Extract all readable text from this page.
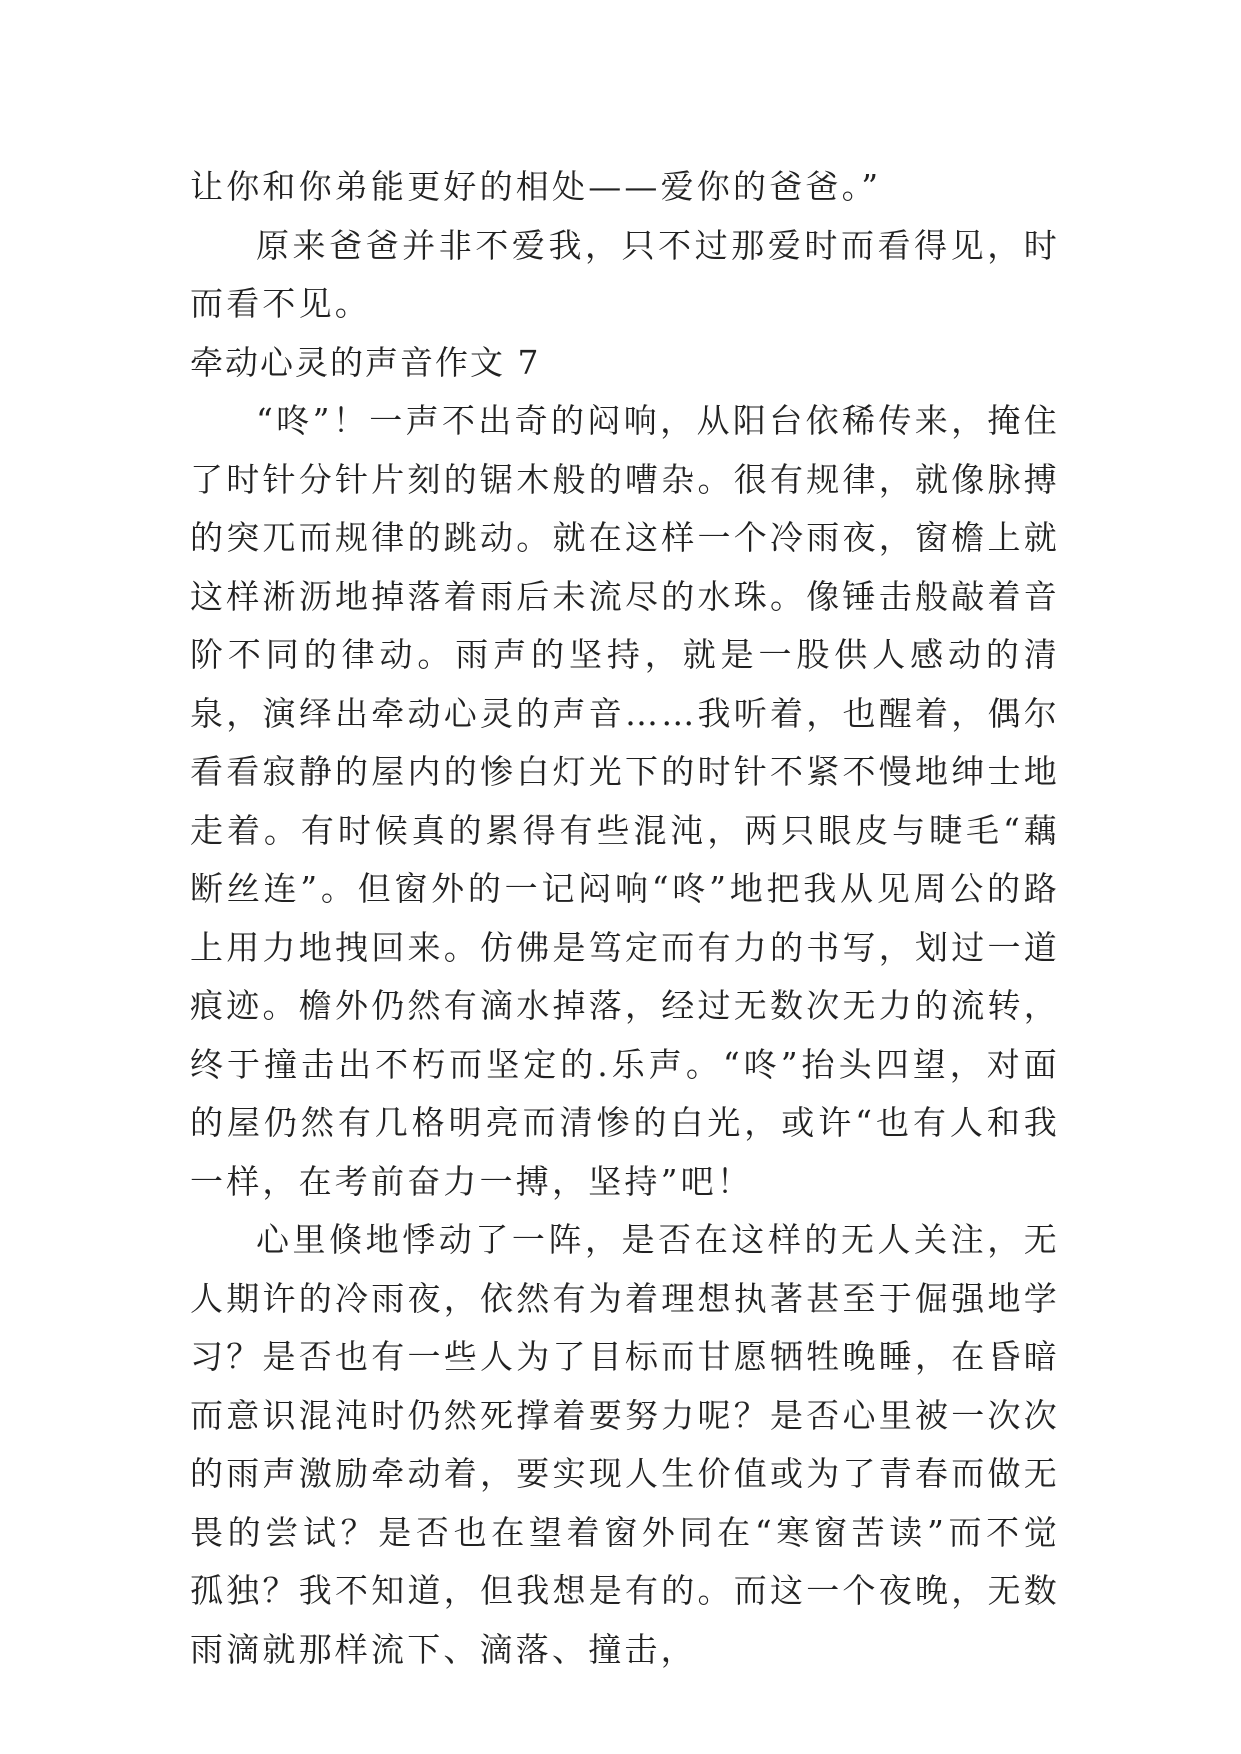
让你和你弟能更好的相处——爱你的爸爸。”

原来爸爸并非不爱我，只不过那爱时而看得见，时而看不见。

牵动心灵的声音作文 7

“咚”！一声不出奇的闷响，从阳台依稀传来，掩住了时针分针片刻的锯木般的嘈杂。很有规律，就像脉搏的突兀而规律的跳动。就在这样一个冷雨夜，窗檐上就这样淅沥地掉落着雨后未流尽的水珠。像锤击般敲着音阶不同的律动。雨声的坚持，就是一股供人感动的清泉，演绎出牵动心灵的声音……我听着，也醒着，偶尔看看寂静的屋内的惨白灯光下的时针不紧不慢地绅士地走着。有时候真的累得有些混沌，两只眼皮与睫毛“藕断丝连”。但窗外的一记闷响“咚”地把我从见周公的路上用力地拽回来。仿佛是笃定而有力的书写，划过一道痕迹。檐外仍然有滴水掉落，经过无数次无力的流转，终于撞击出不朽而坚定的.乐声。“咚”抬头四望，对面的屋仍然有几格明亮而清惨的白光，或许“也有人和我一样，在考前奋力一搏，坚持”吧！

心里倏地悸动了一阵，是否在这样的无人关注，无人期许的冷雨夜，依然有为着理想执著甚至于倔强地学习？是否也有一些人为了目标而甘愿牺牲晚睡，在昏暗而意识混沌时仍然死撑着要努力呢？是否心里被一次次的雨声激励牵动着，要实现人生价值或为了青春而做无畏的尝试？是否也在望着窗外同在“寒窗苦读”而不觉孤独？我不知道，但我想是有的。而这一个夜晚，无数雨滴就那样流下、滴落、撞击，
